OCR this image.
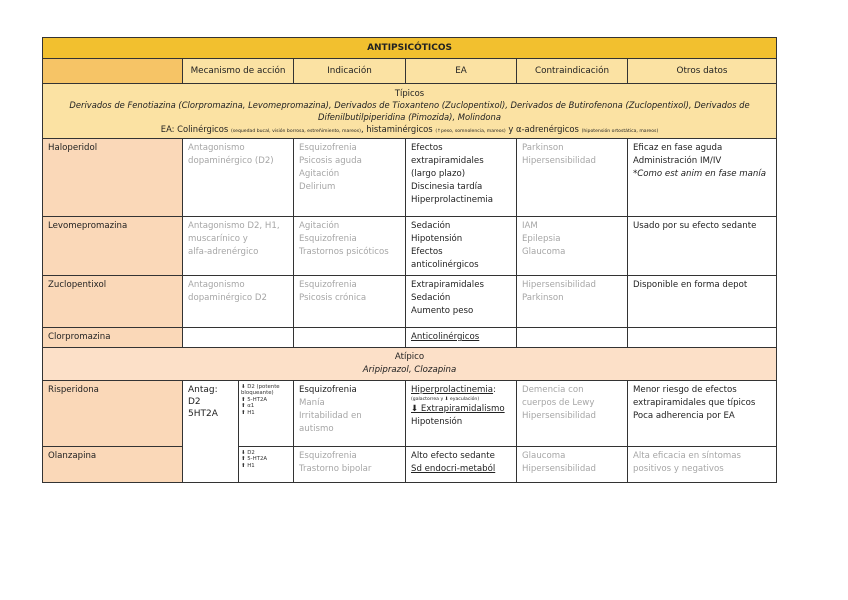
ANTIPSICÓTICOS						
	Mecanismo de acción		Indicación	EA	Contraindicación	Otros datos

Típicos
Derivados de Fenotiazina (Clorpromazina, Levomepromazina), Derivados de Tioxanteno (Zuclopentixol), Derivados de Butirofenona (Zuclopentixol), Derivados de Difenilbutilpiperidina (Pimozida), Molindona
EA: Colinérgicos (sequedad bucal, visión borrosa, estreñimiento, mareos), histaminérgicos (↑peso, somnolencia, mareos) y α-adrenérgicos (hipotensión ortostática, mareos)						

Haloperidol	Antagonismo
dopaminérgico (D2)		Esquizofrenia
Psicosis aguda
Agitación
Delirium	Efectos
extrapiramidales
(largo plazo)
Discinesia tardía
Hiperprolactinemia	Parkinson
Hipersensibilidad	Eficaz en fase aguda
Administración IM/IV
*Como est anim en fase manía

Levomepromazina	Antagonismo D2, H1,
muscarínico y
alfa-adrenérgico		Agitación
Esquizofrenia
Trastornos psicóticos	Sedación
Hipotensión
Efectos
anticolinérgicos	IAM
Epilepsia
Glaucoma	Usado por su efecto sedante

Zuclopentixol	Antagonismo
dopaminérgico D2		Esquizofrenia
Psicosis crónica	Extrapiramidales
Sedación
Aumento peso	Hipersensibilidad
Parkinson	Disponible en forma depot

Clorpromazina				Anticolinérgicos		

Atípico
Aripiprazol, Clozapina						

Risperidona	Antag:
D2
5HT2A	⬇ D2 (potente
bloqueante)
⬆ 5-HT2A
⬆ α1
⬆ H1	Esquizofrenia
Manía
Irritabilidad en
autismo	Hiperprolactinemia:
(galactorrea y ⬇ eyaculación)
⬇ Extrapiramidalismo
Hipotensión	Demencia con
cuerpos de Lewy
Hipersensibilidad	Menor riesgo de efectos
extrapiramidales que típicos
Poca adherencia por EA

Olanzapina		⬇ D2
⬆ 5-HT2A
⬆ H1	Esquizofrenia
Trastorno bipolar	Alto efecto sedante
Sd endocri-metaból	Glaucoma
Hipersensibilidad	Alta eficacia en síntomas
positivos y negativos
